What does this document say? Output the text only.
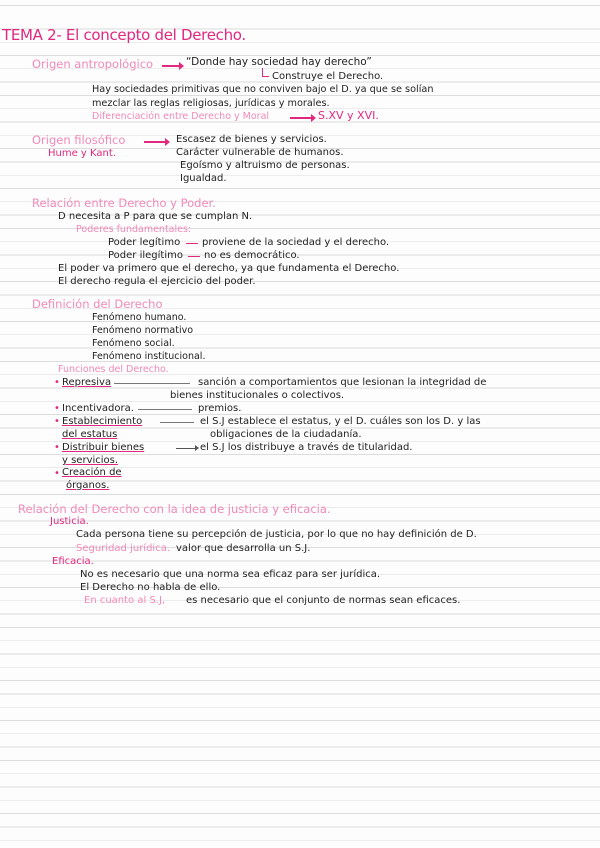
TEMA 2- El concepto del Derecho.
Origen antropológico	“Donde hay sociedad hay derecho”
Construye el Derecho.
Hay sociedades primitivas que no conviven bajo el D. ya que se solían
mezclar las reglas religiosas, jurídicas y morales.
Diferenciación entre Derecho y Moral	S.XV y XVI.
Origen filosófico
Hume y Kant.
Escasez de bienes y servicios.
Carácter vulnerable de humanos.
Egoísmo y altruismo de personas.
Igualdad.
Relación entre Derecho y Poder.
D necesita a P para que se cumplan N.
Poderes fundamentales:
Poder legítimo proviene de la sociedad y el derecho.
Poder ilegítimo no es democrático.
El poder va primero que el derecho, ya que fundamenta el Derecho.
El derecho regula el ejercicio del poder.
Definición del Derecho
Fenómeno humano.
Fenómeno normativo
Fenómeno social.
Fenómeno institucional.
Funciones del Derecho.
• Represiva	sanción a comportamientos que lesionan la integridad de
bienes institucionales o colectivos.
• Incentivadora.	premios.
• Establecimiento
del estatus
el S.J establece el estatus, y el D. cuáles son los D. y las
obligaciones de la ciudadanía.
• Distribuir bienes
y servicios.
el S.J los distribuye a través de titularidad.
• Creación de
órganos.
Relación del Derecho con la idea de justicia y eficacia.
Justicia.
Cada persona tiene su percepción de justicia, por lo que no hay definición de D.
Seguridad jurídica. valor que desarrolla un S.J.
Eficacia.
No es necesario que una norma sea eficaz para ser jurídica.
El Derecho no habla de ello.
En cuanto al S.J, es necesario que el conjunto de normas sean eficaces.
